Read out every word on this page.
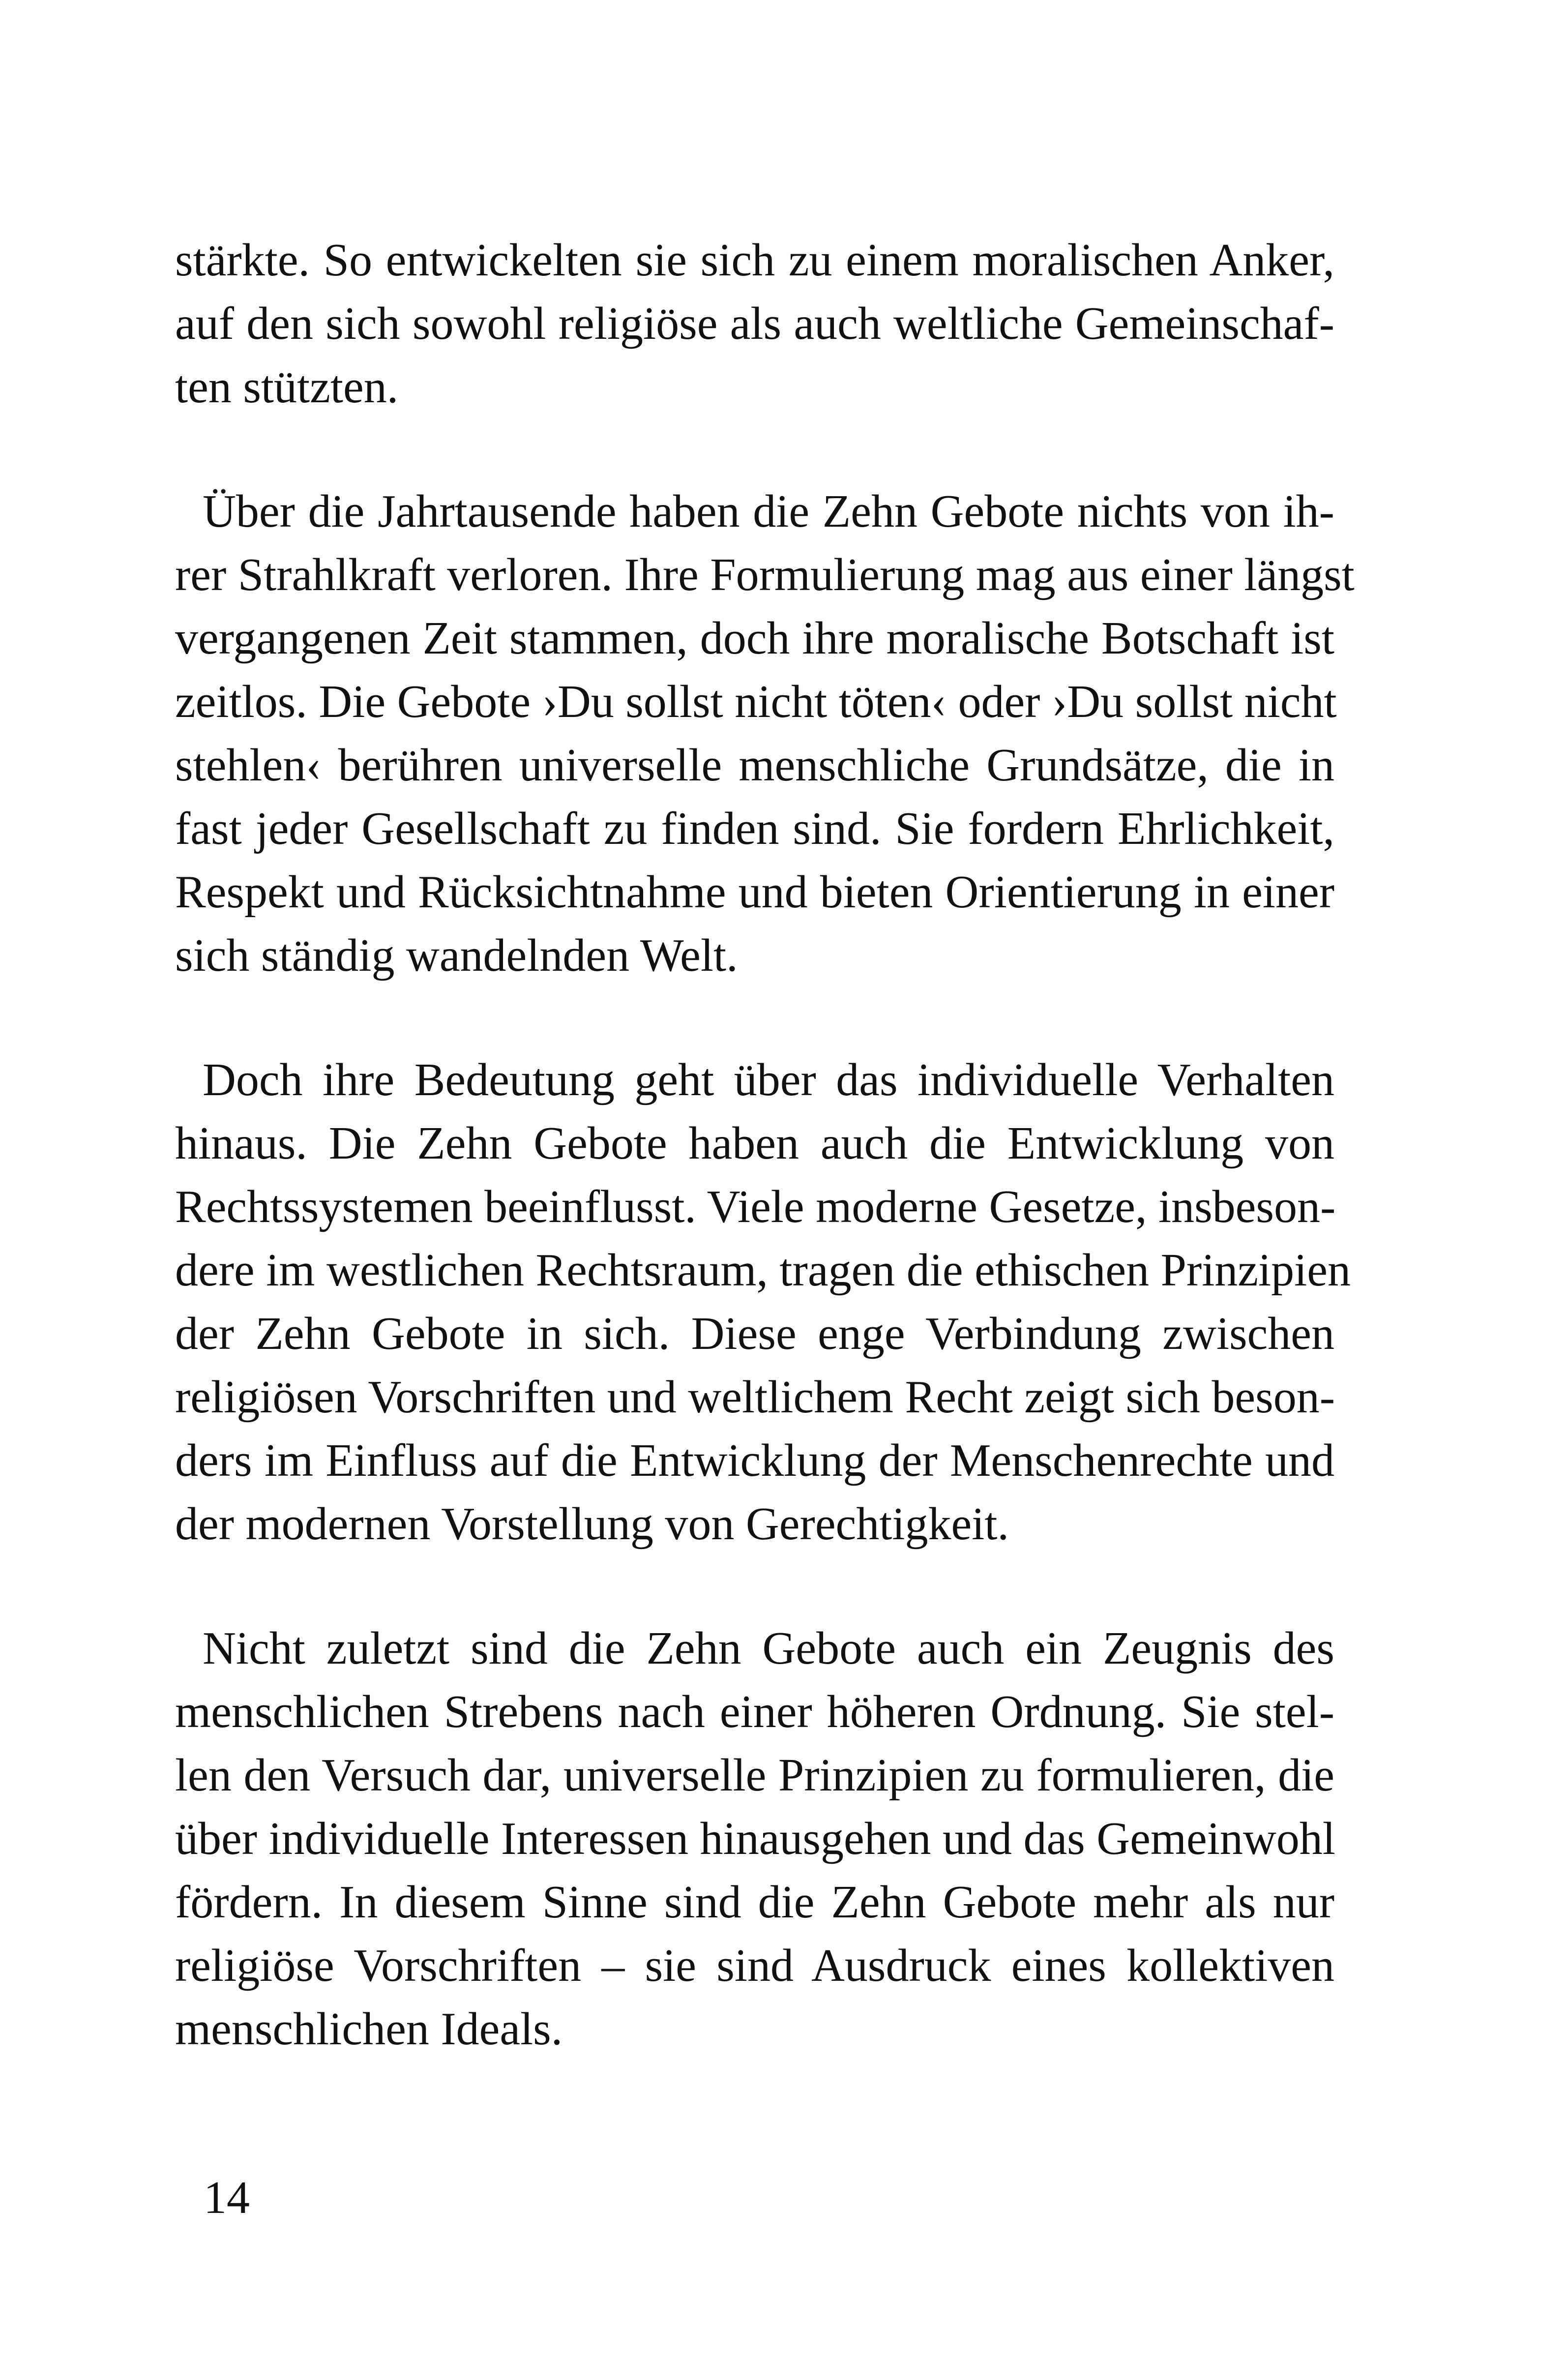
stärkte. So entwickelten sie sich zu einem moralischen Anker,
auf den sich sowohl religiöse als auch weltliche Gemeinschaf-
ten stützten.
Über die Jahrtausende haben die Zehn Gebote nichts von ih-
rer Strahlkraft verloren. Ihre Formulierung mag aus einer längst
vergangenen Zeit stammen, doch ihre moralische Botschaft ist
zeitlos. Die Gebote ›Du sollst nicht töten‹ oder ›Du sollst nicht
stehlen‹ berühren universelle menschliche Grundsätze, die in
fast jeder Gesellschaft zu finden sind. Sie fordern Ehrlichkeit,
Respekt und Rücksichtnahme und bieten Orientierung in einer
sich ständig wandelnden Welt.
Doch ihre Bedeutung geht über das individuelle Verhalten
hinaus. Die Zehn Gebote haben auch die Entwicklung von
Rechtssystemen beeinflusst. Viele moderne Gesetze, insbeson-
dere im westlichen Rechtsraum, tragen die ethischen Prinzipien
der Zehn Gebote in sich. Diese enge Verbindung zwischen
religiösen Vorschriften und weltlichem Recht zeigt sich beson-
ders im Einfluss auf die Entwicklung der Menschenrechte und
der modernen Vorstellung von Gerechtigkeit.
Nicht zuletzt sind die Zehn Gebote auch ein Zeugnis des
menschlichen Strebens nach einer höheren Ordnung. Sie stel-
len den Versuch dar, universelle Prinzipien zu formulieren, die
über individuelle Interessen hinausgehen und das Gemeinwohl
fördern. In diesem Sinne sind die Zehn Gebote mehr als nur
religiöse Vorschriften – sie sind Ausdruck eines kollektiven
menschlichen Ideals.
14
